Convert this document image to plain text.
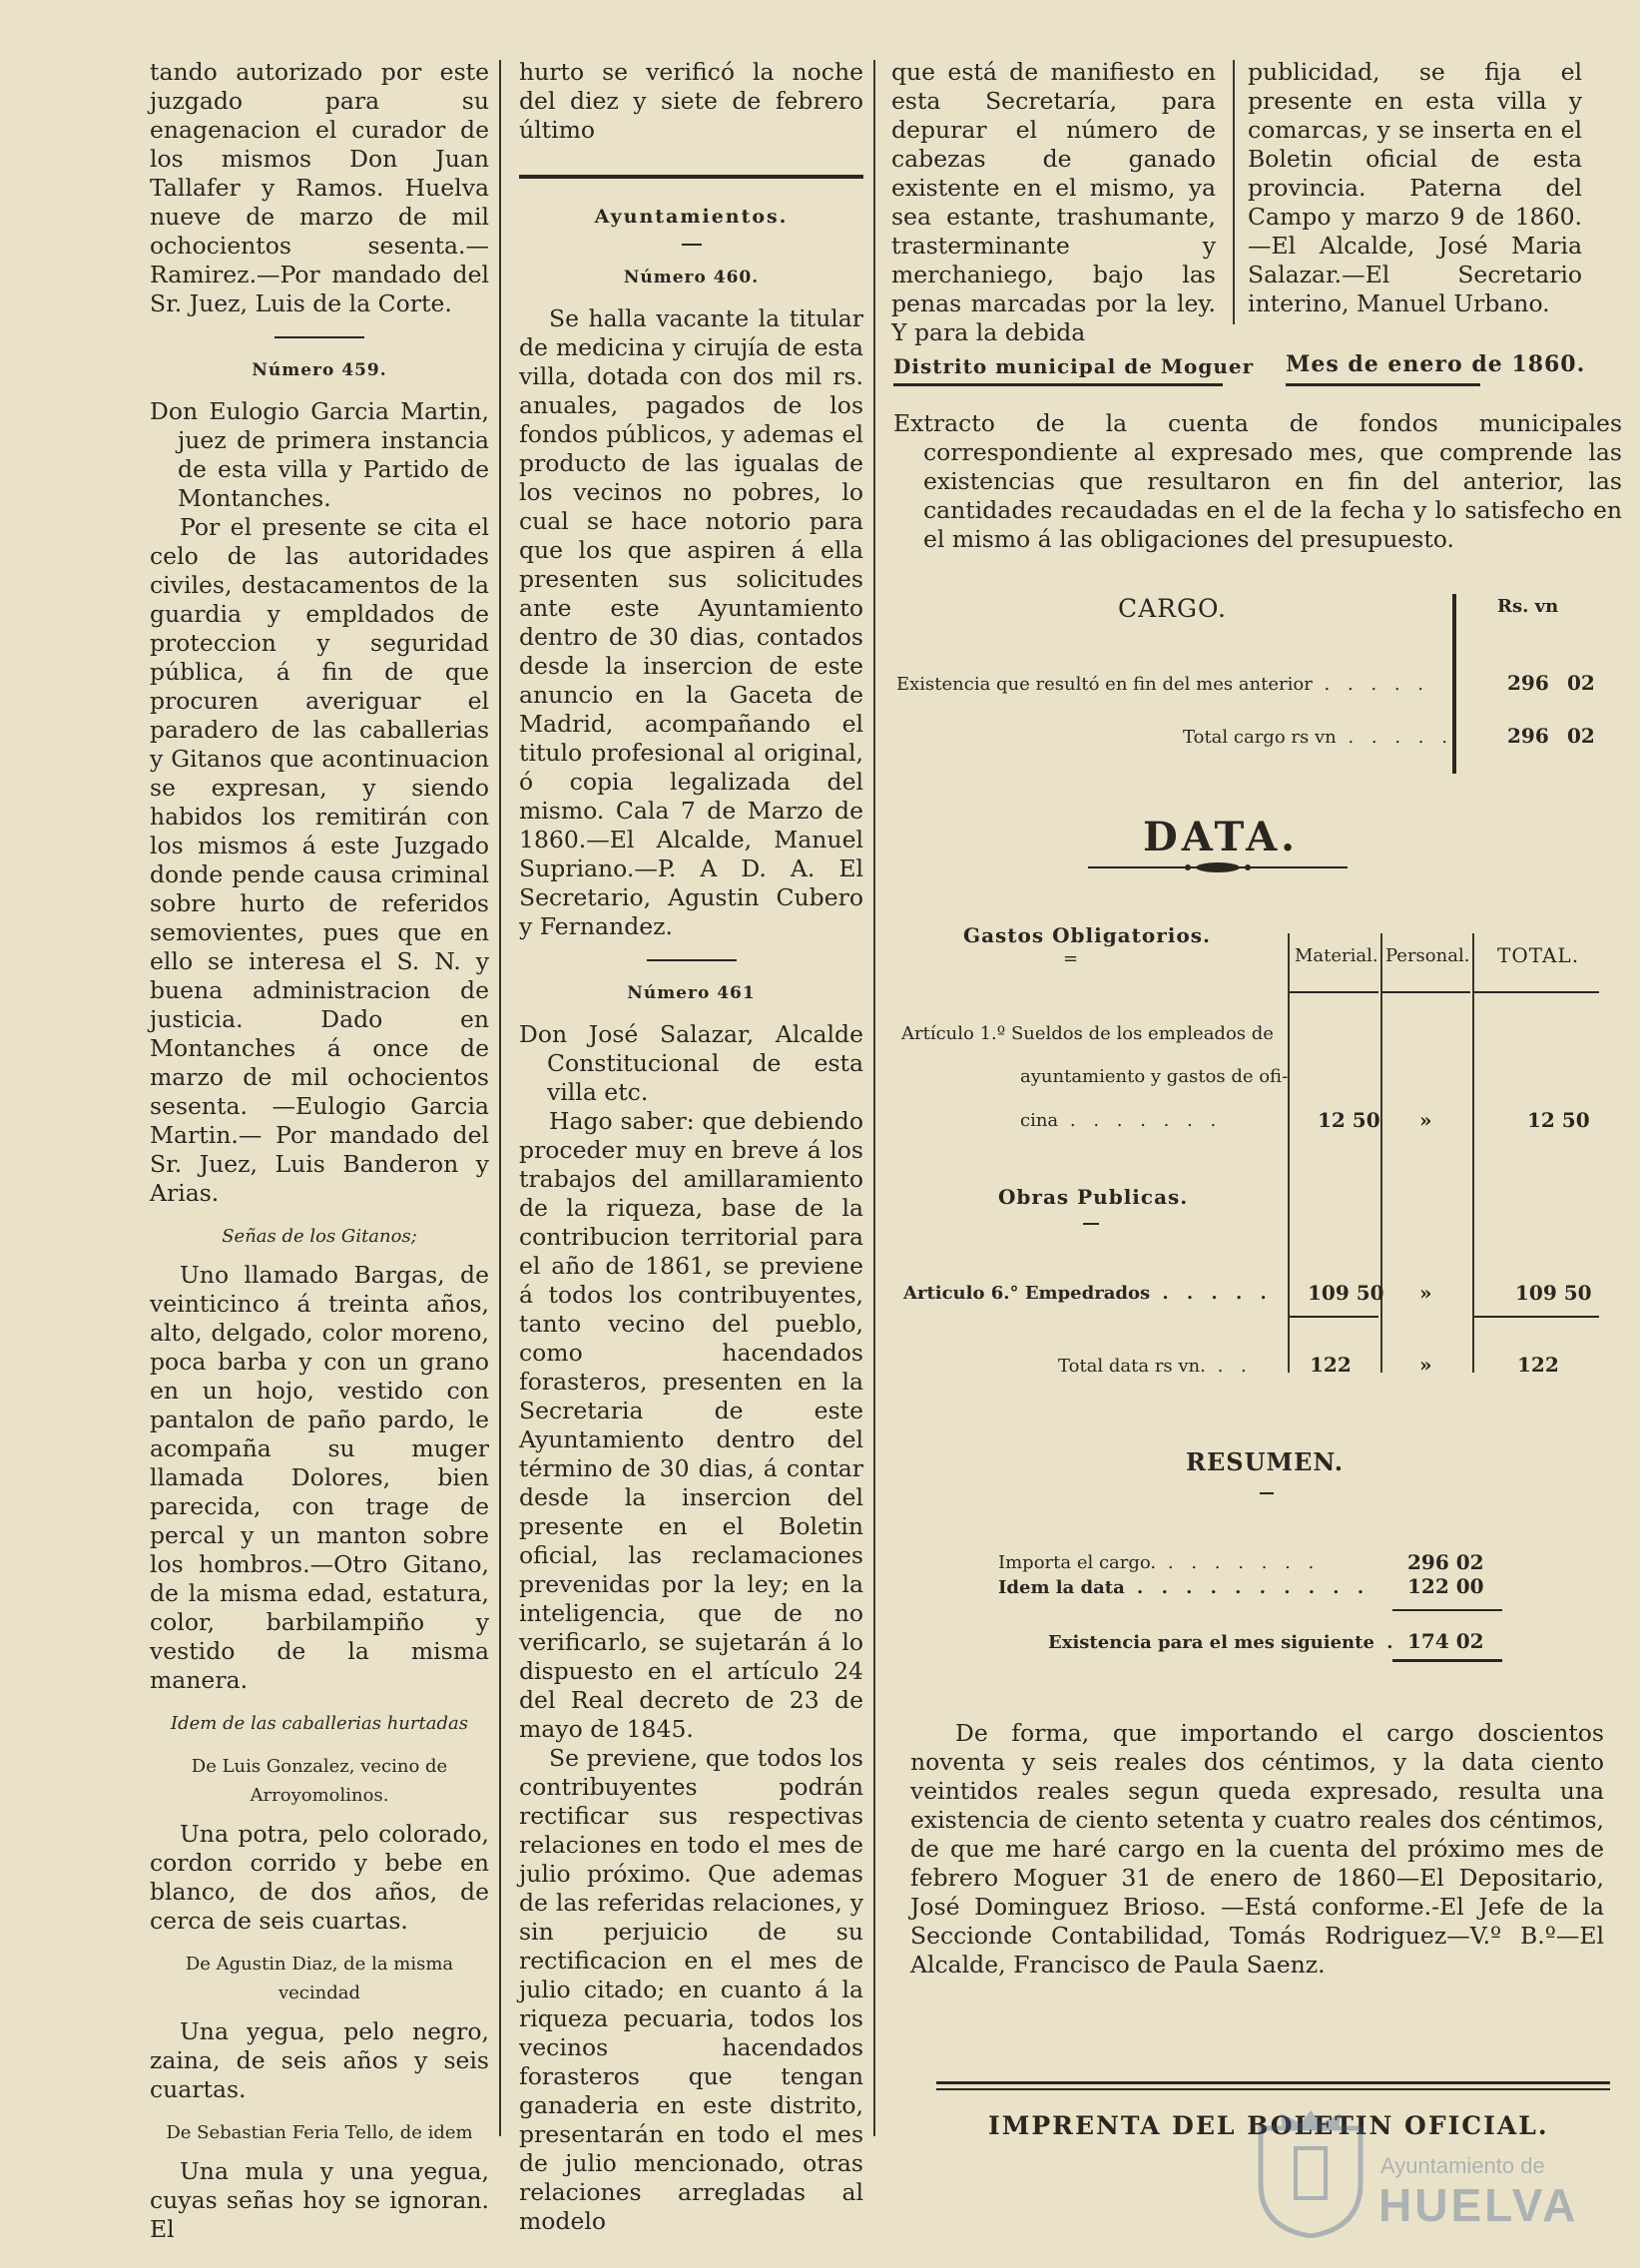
tando autorizado por este juzgado para su enagenacion el curador de los mismos Don Juan Tallafer y Ramos. Huelva nueve de marzo de mil ochocientos sesenta.—Ramirez.—Por mandado del Sr. Juez, Luis de la Corte.

Número 459.

Don Eulogio Garcia Martin, juez de primera instancia de esta villa y Partido de Montanches.

Por el presente se cita el celo de las autoridades civiles, destacamentos de la guardia y empldados de proteccion y seguridad pública, á fin de que procuren averiguar el paradero de las caballerias y Gitanos que acontinuacion se expresan, y siendo habidos los remitirán con los mismos á este Juzgado donde pende causa criminal sobre hurto de referidos semovientes, pues que en ello se interesa el S. N. y buena administracion de justicia. Dado en Montanches á once de marzo de mil ochocientos sesenta. —Eulogio Garcia Martin.— Por mandado del Sr. Juez, Luis Banderon y Arias.

Señas de los Gitanos;

Uno llamado Bargas, de veinticinco á treinta años, alto, delgado, color moreno, poca barba y con un grano en un hojo, vestido con pantalon de paño pardo, le acompaña su muger llamada Dolores, bien parecida, con trage de percal y un manton sobre los hombros.—Otro Gitano, de la misma edad, estatura, color, barbilampiño y vestido de la misma manera.

Idem de las caballerias hurtadas
De Luis Gonzalez, vecino de Arroyomolinos.

Una potra, pelo colorado, cordon corrido y bebe en blanco, de dos años, de cerca de seis cuartas.

De Agustin Diaz, de la misma vecindad

Una yegua, pelo negro, zaina, de seis años y seis cuartas.

De Sebastian Feria Tello, de idem

Una mula y una yegua, cuyas señas hoy se ignoran. El

hurto se verificó la noche del diez y siete de febrero último

Ayuntamientos.
Número 460.

Se halla vacante la titular de medicina y cirujía de esta villa, dotada con dos mil rs. anuales, pagados de los fondos públicos, y ademas el producto de las igualas de los vecinos no pobres, lo cual se hace notorio para que los que aspiren á ella presenten sus solicitudes ante este Ayuntamiento dentro de 30 dias, contados desde la insercion de este anuncio en la Gaceta de Madrid, acompañando el titulo profesional al original, ó copia legalizada del mismo. Cala 7 de Marzo de 1860.—El Alcalde, Manuel Supriano.—P. A D. A. El Secretario, Agustin Cubero y Fernandez.

Número 461

Don José Salazar, Alcalde Constitucional de esta villa etc.

Hago saber: que debiendo proceder muy en breve á los trabajos del amillaramiento de la riqueza, base de la contribucion territorial para el año de 1861, se previene á todos los contribuyentes, tanto vecino del pueblo, como hacendados forasteros, presenten en la Secretaria de este Ayuntamiento dentro del término de 30 dias, á contar desde la insercion del presente en el Boletin oficial, las reclamaciones prevenidas por la ley; en la inteligencia, que de no verificarlo, se sujetarán á lo dispuesto en el artículo 24 del Real decreto de 23 de mayo de 1845.

Se previene, que todos los contribuyentes podrán rectificar sus respectivas relaciones en todo el mes de julio próximo. Que ademas de las referidas relaciones, y sin perjuicio de su rectificacion en el mes de julio citado; en cuanto á la riqueza pecuaria, todos los vecinos hacendados forasteros que tengan ganaderia en este distrito, presentarán en todo el mes de julio mencionado, otras relaciones arregladas al modelo

que está de manifiesto en esta Secretaría, para depurar el número de cabezas de ganado existente en el mismo, ya sea estante, trashumante, trasterminante y merchaniego, bajo las penas marcadas por la ley. Y para la debida

publicidad, se fija el presente en esta villa y comarcas, y se inserta en el Boletin oficial de esta provincia. Paterna del Campo y marzo 9 de 1860.—El Alcalde, José Maria Salazar.—El Secretario interino, Manuel Urbano.

Distrito municipal de Moguer Mes de enero de 1860.

Extracto de la cuenta de fondos municipales correspondiente al expresado mes, que comprende las existencias que resultaron en fin del anterior, las cantidades recaudadas en el de la fecha y lo satisfecho en el mismo á las obligaciones del presupuesto.

CARGO.	Rs. vn
Existencia que resultó en fin del mes anterior . . . . .	296 02
Total cargo rs vn . . . . .	296 02
DATA.
Gastos Obligatorios.
=	Material. Personal. TOTAL.
Artículo 1.º Sueldos de los empleados de
ayuntamiento y gastos de ofi-
cina . . . . . . .	12 50 »	12 50
Obras Publicas.
Articulo 6.° Empedrados . . . . . 109 50 »	109 50
Total data rs vn. . .	122	»	122
RESUMEN.
Importa el cargo. . . . . . . .	296 02
Idem la data . . . . . . . . . . 122 00
Existencia para el mes siguiente . 174 02

De forma, que importando el cargo doscientos noventa y seis reales dos céntimos, y la data ciento veintidos reales segun queda expresado, resulta una existencia de ciento setenta y cuatro reales dos céntimos, de que me haré cargo en la cuenta del próximo mes de febrero Moguer 31 de enero de 1860—El Depositario, José Dominguez Brioso. —Está conforme.-El Jefe de la Seccionde Contabilidad, Tomás Rodriguez—V.º B.º—El Alcalde, Francisco de Paula Saenz.

IMPRENTA DEL BOLETIN OFICIAL.
Ayuntamiento de
HUELVA
